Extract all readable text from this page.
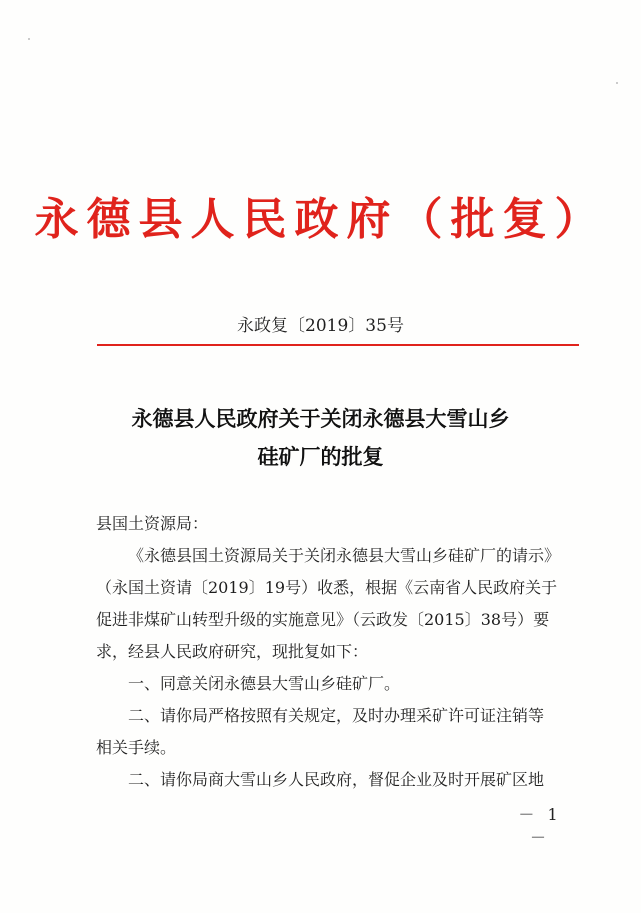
永德县人民政府（批复）
永政复〔2019〕35号
永德县人民政府关于关闭永德县大雪山乡
硅矿厂的批复

县国土资源局：

《永德县国土资源局关于关闭永德县大雪山乡硅矿厂的请示》
（永国土资请〔2019〕19号）收悉，根据《云南省人民政府关于
促进非煤矿山转型升级的实施意见》（云政发〔2015〕38号）要
求，经县人民政府研究，现批复如下：

一、同意关闭永德县大雪山乡硅矿厂。

二、请你局严格按照有关规定，及时办理采矿许可证注销等
相关手续。

二、请你局商大雪山乡人民政府，督促企业及时开展矿区地

－ 1 －
